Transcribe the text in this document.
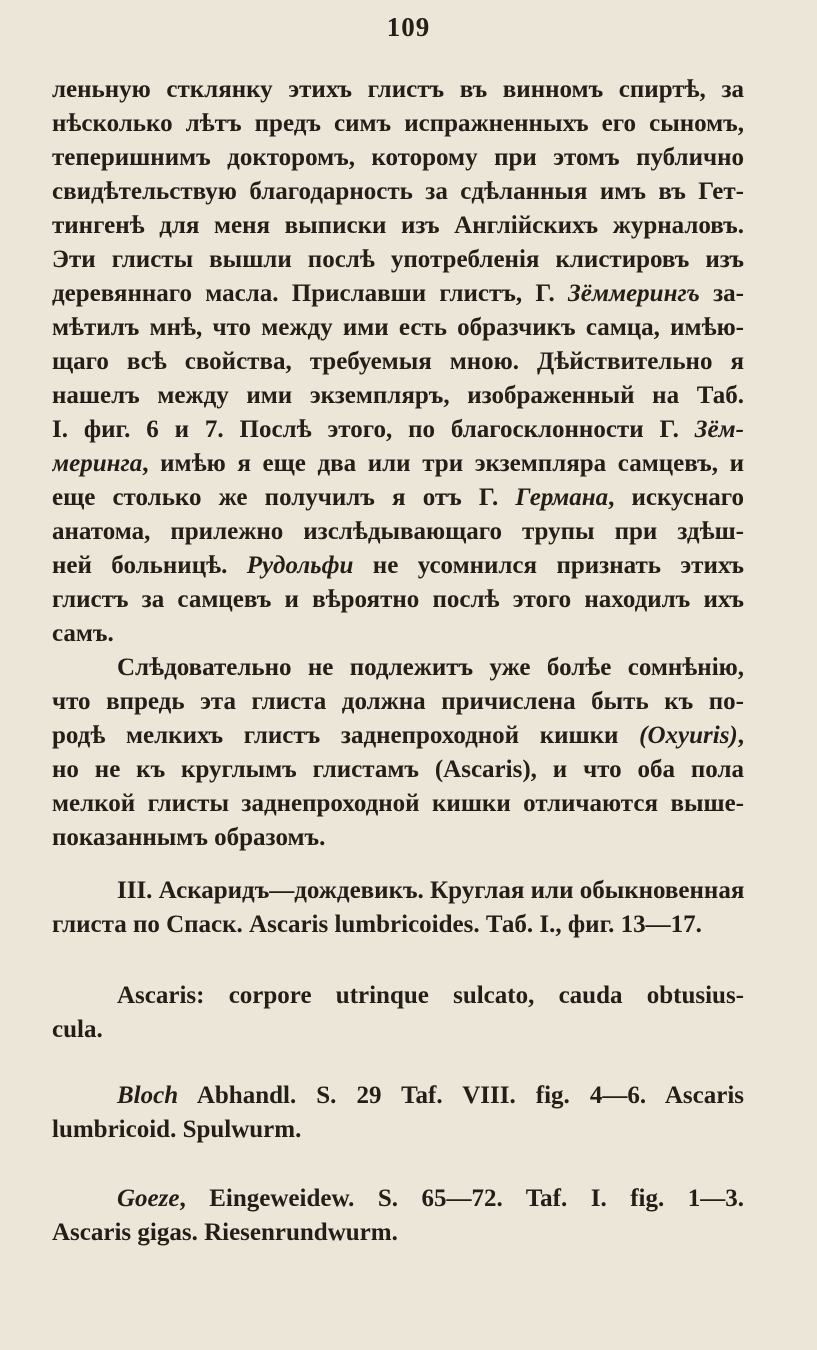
109
леньную стклянку этихъ глистъ въ винномъ спиртѣ, за
нѣсколько лѣтъ предъ симъ испражненныхъ его сыномъ,
теперишнимъ докторомъ, которому при этомъ публично
свидѣтельствую благодарность за сдѣланныя имъ въ Гет-
тингенѣ для меня выписки изъ Англійскихъ журналовъ.
Эти глисты вышли послѣ употребленія клистировъ изъ
деревяннаго масла. Приславши глистъ, Г. Зёммерингъ за-
мѣтилъ мнѣ, что между ими есть образчикъ самца, имѣю-
щаго всѣ свойства, требуемыя мною. Дѣйствительно я
нашелъ между ими экземпляръ, изображенный на Таб.
I. фиг. 6 и 7. Послѣ этого, по благосклонности Г. Зём-
меринга, имѣю я еще два или три экземпляра самцевъ, и
еще столько же получилъ я отъ Г. Германа, искуснаго
анатома, прилежно изслѣдывающаго трупы при здѣш-
ней больницѣ. Рудольфи не усомнился признать этихъ
глистъ за самцевъ и вѣроятно послѣ этого находилъ ихъ
самъ.
Слѣдовательно не подлежитъ уже болѣе сомнѣнію,
что впредь эта глиста должна причислена быть къ по-
родѣ мелкихъ глистъ заднепроходной кишки (Oxyuris),
но не къ круглымъ глистамъ (Ascaris), и что оба пола
мелкой глисты заднепроходной кишки отличаются выше-
показаннымъ образомъ.
III. Аскаридъ—дождевикъ. Круглая или обыкновенная
глиста по Спаск. Ascaris lumbricoides. Таб. I., фиг. 13—17.
Ascaris: corpore utrinque sulcato, cauda obtusius-
cula.
Bloch Abhandl. S. 29 Taf. VIII. fig. 4—6. Ascaris
lumbricoid. Spulwurm.
Goeze, Eingeweidew. S. 65—72. Taf. I. fig. 1—3.
Ascaris gigas. Riesenrundwurm.
